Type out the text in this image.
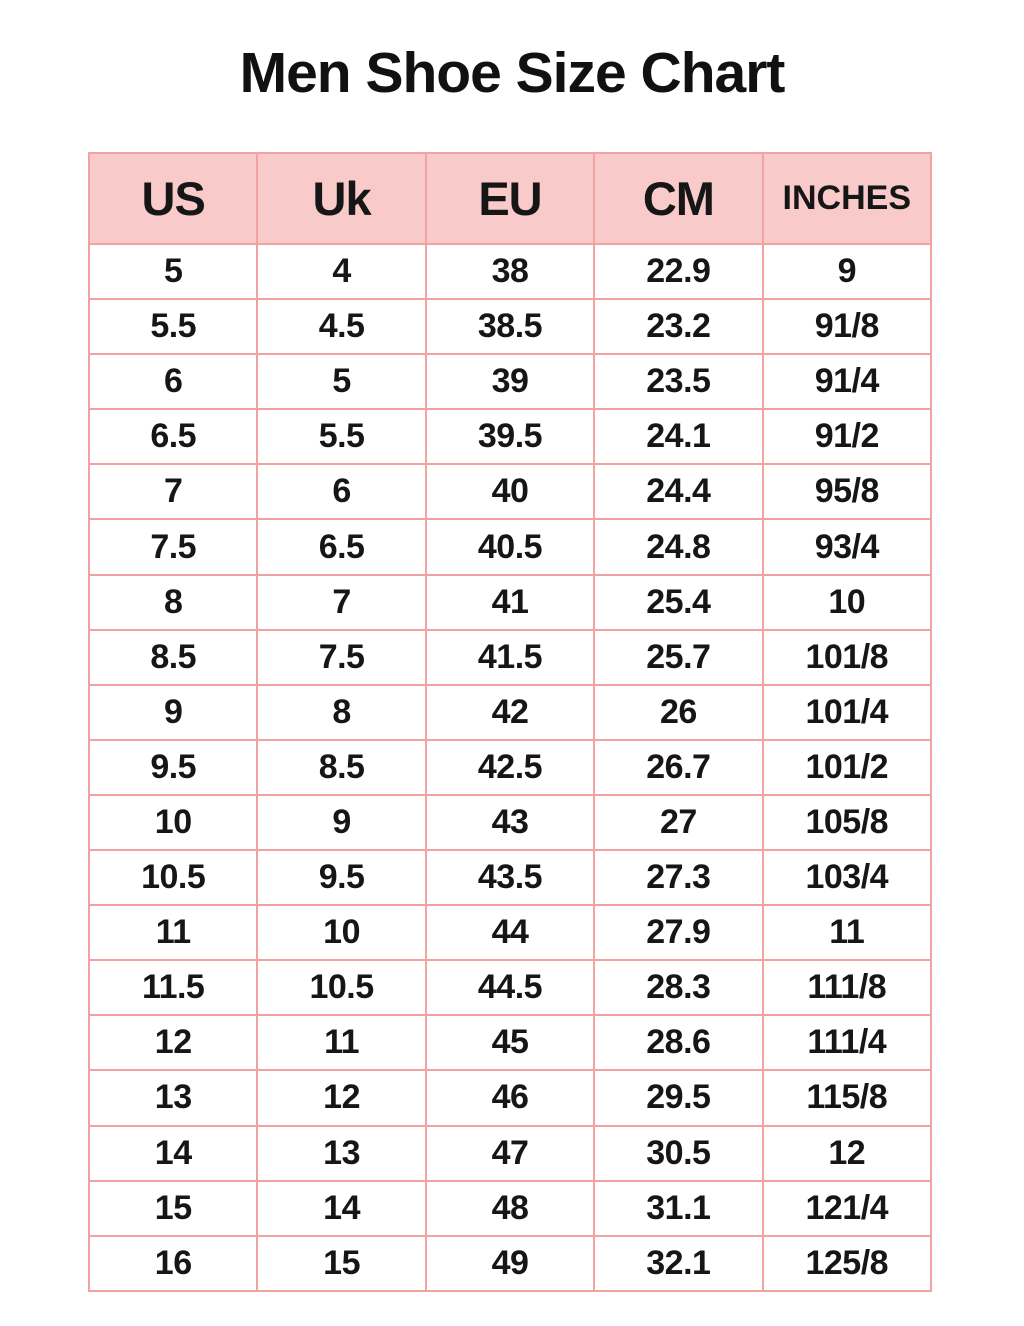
Men Shoe Size Chart
US	Uk	EU	CM	INCHES
5	4	38	22.9	9
5.5	4.5	38.5	23.2	91/8
6	5	39	23.5	91/4
6.5	5.5	39.5	24.1	91/2
7	6	40	24.4	95/8
7.5	6.5	40.5	24.8	93/4
8	7	41	25.4	10
8.5	7.5	41.5	25.7	101/8
9	8	42	26	101/4
9.5	8.5	42.5	26.7	101/2
10	9	43	27	105/8
10.5	9.5	43.5	27.3	103/4
11	10	44	27.9	11
11.5	10.5	44.5	28.3	111/8
12	11	45	28.6	111/4
13	12	46	29.5	115/8
14	13	47	30.5	12
15	14	48	31.1	121/4
16	15	49	32.1	125/8
